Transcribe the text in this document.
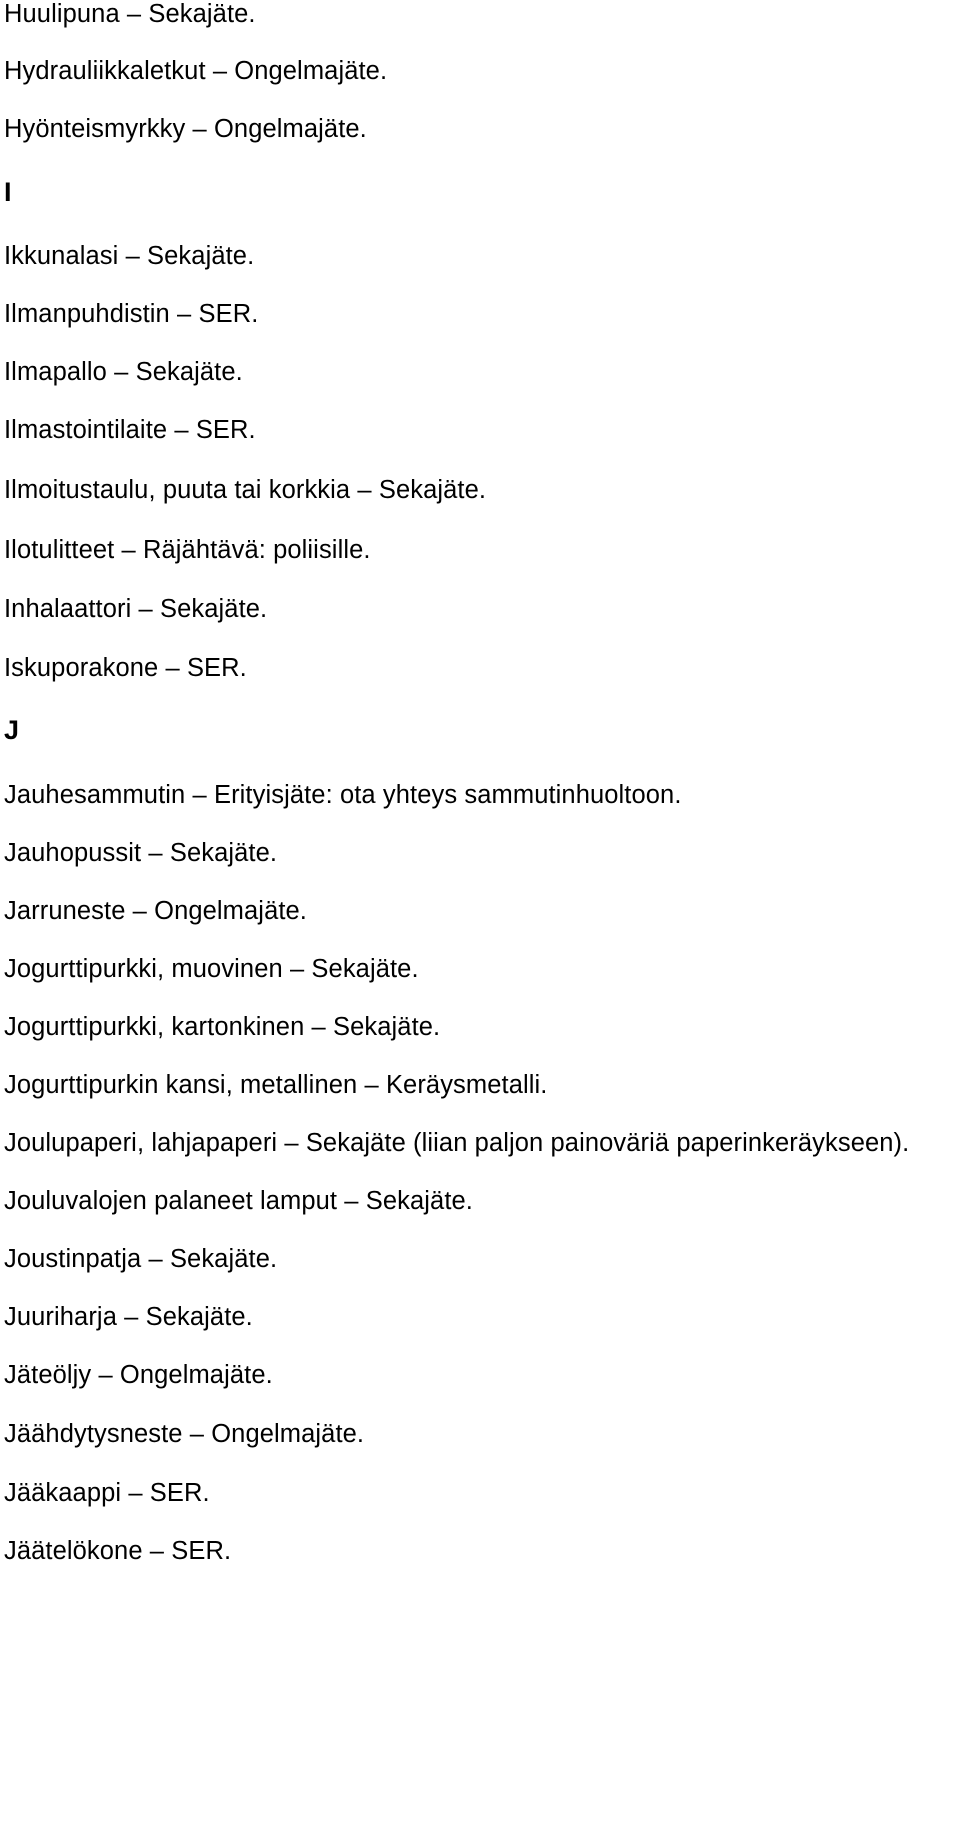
Huulipuna – Sekajäte.
Hydrauliikkaletkut – Ongelmajäte.
Hyönteismyrkky – Ongelmajäte.
I
Ikkunalasi – Sekajäte.
Ilmanpuhdistin – SER.
Ilmapallo – Sekajäte.
Ilmastointilaite – SER.
Ilmoitustaulu, puuta tai korkkia – Sekajäte.
Ilotulitteet – Räjähtävä: poliisille.
Inhalaattori – Sekajäte.
Iskuporakone – SER.
J
Jauhesammutin – Erityisjäte: ota yhteys sammutinhuoltoon.
Jauhopussit – Sekajäte.
Jarruneste – Ongelmajäte.
Jogurttipurkki, muovinen – Sekajäte.
Jogurttipurkki, kartonkinen – Sekajäte.
Jogurttipurkin kansi, metallinen – Keräysmetalli.
Joulupaperi, lahjapaperi – Sekajäte (liian paljon painoväriä paperinkeräykseen).
Jouluvalojen palaneet lamput – Sekajäte.
Joustinpatja – Sekajäte.
Juuriharja – Sekajäte.
Jäteöljy – Ongelmajäte.
Jäähdytysneste – Ongelmajäte.
Jääkaappi – SER.
Jäätelökone – SER.
